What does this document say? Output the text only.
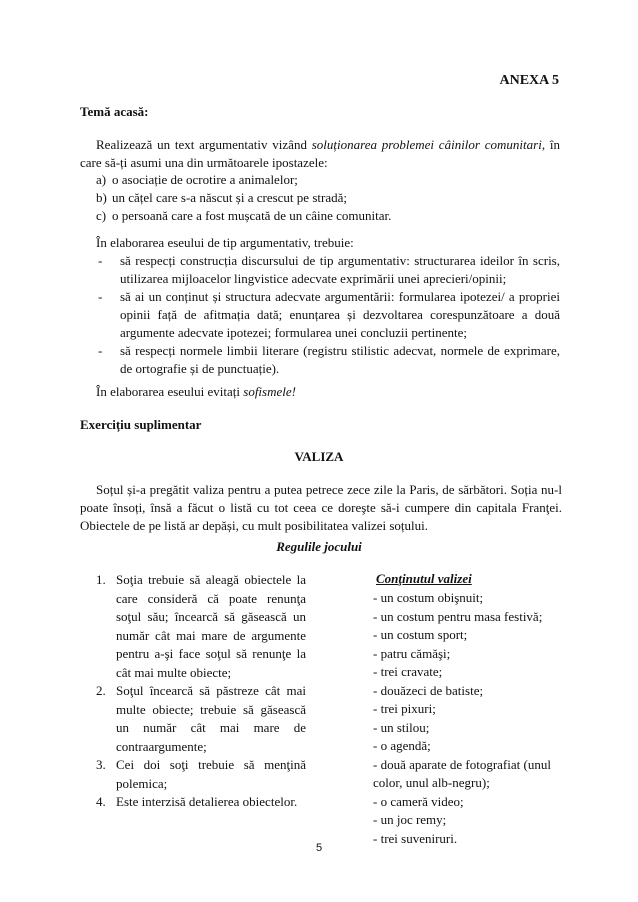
ANEXA 5
Temă acasă:
Realizează un text argumentativ vizând soluționarea problemei câinilor comunitari, în care să-ți asumi una din următoarele ipostazele:
a) o asociație de ocrotire a animalelor;
b) un cățel care s-a născut și a crescut pe stradă;
c) o persoană care a fost mușcată de un câine comunitar.
În elaborarea eseului de tip argumentativ, trebuie:
- să respecți construcția discursului de tip argumentativ: structurarea ideilor în scris, utilizarea mijloacelor lingvistice adecvate exprimării unei aprecieri/opinii;
- să ai un conținut și structura adecvate argumentării: formularea ipotezei/ a propriei opinii față de afitmația dată; enunțarea și dezvoltarea corespunzătoare a două argumente adecvate ipotezei; formularea unei concluzii pertinente;
- să respecți normele limbii literare (registru stilistic adecvat, normele de exprimare, de ortografie și de punctuație).
În elaborarea eseului evitați sofismele!
Exercițiu suplimentar
VALIZA
Soțul și-a pregătit valiza pentru a putea petrece zece zile la Paris, de sărbători. Soția nu-l poate însoți, însă a făcut o listă cu tot ceea ce doreşte să-i cumpere din capitala Franţei. Obiectele de pe listă ar depăși, cu mult posibilitatea valizei soțului.
Regulile jocului
1. Soţia trebuie să aleagă obiectele la care consideră că poate renunţa soţul său; încearcă să găsească un număr cât mai mare de argumente pentru a-şi face soţul să renunţe la cât mai multe obiecte;
2. Soţul încearcă să păstreze cât mai multe obiecte; trebuie să găsească un număr cât mai mare de contraargumente;
3. Cei doi soţi trebuie să menţină polemica;
4. Este interzisă detalierea obiectelor.
Conţinutul valizei
- un costum obişnuit;
- un costum pentru masa festivă;
- un costum sport;
- patru cămăşi;
- trei cravate;
- douăzeci de batiste;
- trei pixuri;
- un stilou;
- o agendă;
- două aparate de fotografiat (unul color, unul alb-negru);
- o cameră video;
- un joc remy;
- trei suveniruri.
5
